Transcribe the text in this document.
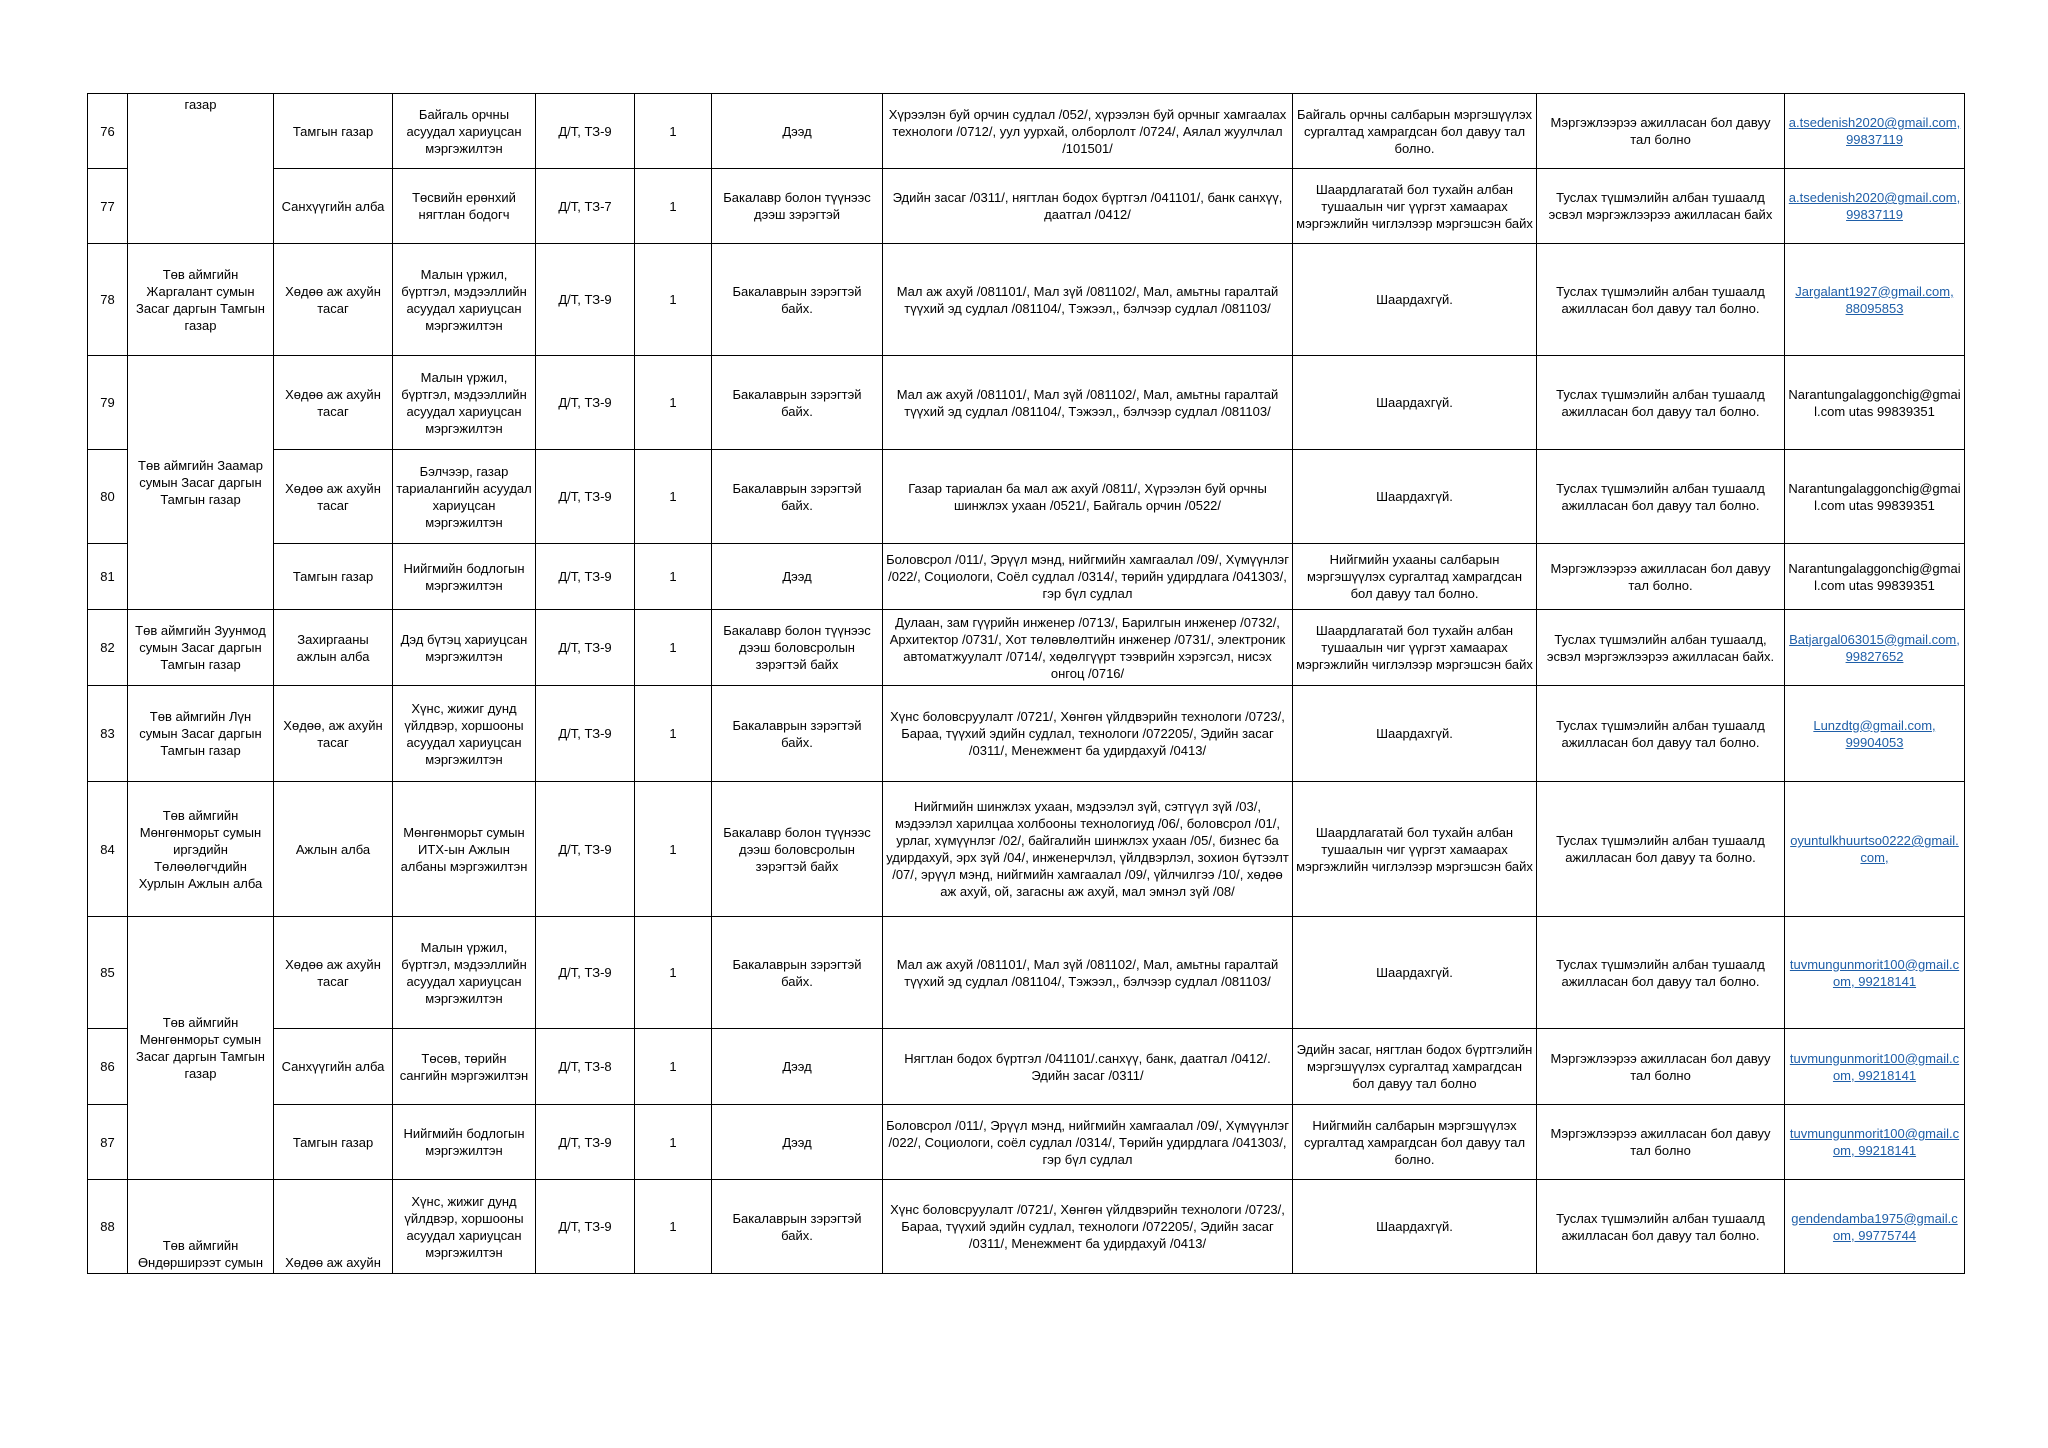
76	газар	Тамгын газар	Байгаль орчны асуудал хариуцсан мэргэжилтэн	Д/Т, ТЗ-9	1	Дээд	Хүрээлэн буй орчин судлал /052/, хүрээлэн буй орчныг хамгаалах технологи /0712/, уул уурхай, олборлолт /0724/, Аялал жуулчлал /101501/	Байгаль орчны салбарын мэргэшүүлэх сургалтад хамрагдсан бол давуу тал болно.	Мэргэжлээрээ ажилласан бол давуу тал болно	a.tsedenish2020@gmail.com, 99837119
77		Санхүүгийн алба	Төсвийн ерөнхий нягтлан бодогч	Д/Т, ТЗ-7	1	Бакалавр болон түүнээс дээш зэрэгтэй	Эдийн засаг /0311/, нягтлан бодох бүртгэл /041101/, банк санхүү, даатгал /0412/	Шаардлагатай бол тухайн албан тушаалын чиг үүргэт хамаарах мэргэжлийн чиглэлээр мэргэшсэн байх	Туслах түшмэлийн албан тушаалд эсвэл мэргэжлээрээ ажилласан байх	a.tsedenish2020@gmail.com, 99837119
78	Төв аймгийн Жаргалант сумын Засаг даргын Тамгын газар	Хөдөө аж ахуйн тасаг	Малын үржил, бүртгэл, мэдээллийн асуудал хариуцсан мэргэжилтэн	Д/Т, ТЗ-9	1	Бакалаврын зэрэгтэй байх.	Мал аж ахуй /081101/, Мал зүй /081102/, Мал, амьтны гаралтай түүхий эд судлал /081104/, Тэжээл,, бэлчээр судлал /081103/	Шаардахгүй.	Туслах түшмэлийн албан тушаалд ажилласан бол давуу тал болно.	Jargalant1927@gmail.com, 88095853
79	Төв аймгийн Заамар сумын Засаг даргын Тамгын газар	Хөдөө аж ахуйн тасаг	Малын үржил, бүртгэл, мэдээллийн асуудал хариуцсан мэргэжилтэн	Д/Т, ТЗ-9	1	Бакалаврын зэрэгтэй байх.	Мал аж ахуй /081101/, Мал зүй /081102/, Мал, амьтны гаралтай түүхий эд судлал /081104/, Тэжээл,, бэлчээр судлал /081103/	Шаардахгүй.	Туслах түшмэлийн албан тушаалд ажилласан бол давуу тал болно.	Narantungalaggonchig@gmail.com utas 99839351
80		Хөдөө аж ахуйн тасаг	Бэлчээр, газар тариалангийн асуудал хариуцсан мэргэжилтэн	Д/Т, ТЗ-9	1	Бакалаврын зэрэгтэй байх.	Газар тариалан ба мал аж ахуй /0811/, Хүрээлэн буй орчны шинжлэх ухаан /0521/, Байгаль орчин /0522/	Шаардахгүй.	Туслах түшмэлийн албан тушаалд ажилласан бол давуу тал болно.	Narantungalaggonchig@gmail.com utas 99839351
81		Тамгын газар	Нийгмийн бодлогын мэргэжилтэн	Д/Т, ТЗ-9	1	Дээд	Боловсрол /011/, Эрүүл мэнд, нийгмийн хамгаалал /09/, Хүмүүнлэг /022/, Социологи, Соёл судлал /0314/, төрийн удирдлага /041303/, гэр бүл судлал	Нийгмийн ухааны салбарын мэргэшүүлэх сургалтад хамрагдсан бол давуу тал болно.	Мэргэжлээрээ ажилласан бол давуу тал болно.	Narantungalaggonchig@gmail.com utas 99839351
82	Төв аймгийн Зуунмод сумын Засаг даргын Тамгын газар	Захиргааны ажлын алба	Дэд бүтэц хариуцсан мэргэжилтэн	Д/Т, ТЗ-9	1	Бакалавр болон түүнээс дээш боловсролын зэрэгтэй байх	Дулаан, зам гүүрийн инженер /0713/, Барилгын инженер /0732/, Архитектор /0731/, Хот төлөвлөлтийн инженер /0731/, электроник автоматжуулалт /0714/, хөдөлгүүрт тээврийн хэрэгсэл, нисэх онгоц /0716/	Шаардлагатай бол тухайн албан тушаалын чиг үүргэт хамаарах мэргэжлийн чиглэлээр мэргэшсэн байх	Туслах түшмэлийн албан тушаалд, эсвэл мэргэжлээрээ ажилласан байх.	Batjargal063015@gmail.com, 99827652
83	Төв аймгийн Лүн сумын Засаг даргын Тамгын газар	Хөдөө, аж ахуйн тасаг	Хүнс, жижиг дунд үйлдвэр, хоршооны асуудал хариуцсан мэргэжилтэн	Д/Т, ТЗ-9	1	Бакалаврын зэрэгтэй байх.	Хүнс боловсруулалт /0721/, Хөнгөн үйлдвэрийн технологи /0723/, Бараа, түүхий эдийн судлал, технологи /072205/, Эдийн засаг /0311/, Менежмент ба удирдахуй /0413/	Шаардахгүй.	Туслах түшмэлийн албан тушаалд ажилласан бол давуу тал болно.	Lunzdtg@gmail.com, 99904053
84	Төв аймгийн Мөнгөнморьт сумын иргэдийн Төлөөлөгчдийн Хурлын Ажлын алба	Ажлын алба	Мөнгөнморьт сумын ИТХ-ын Ажлын албаны мэргэжилтэн	Д/Т, ТЗ-9	1	Бакалавр болон түүнээс дээш боловсролын зэрэгтэй байх	Нийгмийн шинжлэх ухаан, мэдээлэл зүй, сэтгүүл зүй /03/, мэдээлэл харилцаа холбооны технологиуд /06/, боловсрол /01/, урлаг, хүмүүнлэг /02/, байгалийн шинжлэх ухаан /05/, бизнес ба удирдахуй, эрх зүй /04/, инженерчлэл, үйлдвэрлэл, зохион бүтээлт /07/, эрүүл мэнд, нийгмийн хамгаалал /09/, үйлчилгээ /10/, хөдөө аж ахуй, ой, загасны аж ахуй, мал эмнэл зүй /08/	Шаардлагатай бол тухайн албан тушаалын чиг үүргэт хамаарах мэргэжлийн чиглэлээр мэргэшсэн байх	Туслах түшмэлийн албан тушаалд ажилласан бол давуу та болно.	oyuntulkhuurtso0222@gmail.com,
85	Төв аймгийн Мөнгөнморьт сумын Засаг даргын Тамгын газар	Хөдөө аж ахуйн тасаг	Малын үржил, бүртгэл, мэдээллийн асуудал хариуцсан мэргэжилтэн	Д/Т, ТЗ-9	1	Бакалаврын зэрэгтэй байх.	Мал аж ахуй /081101/, Мал зүй /081102/, Мал, амьтны гаралтай түүхий эд судлал /081104/, Тэжээл,, бэлчээр судлал /081103/	Шаардахгүй.	Туслах түшмэлийн албан тушаалд ажилласан бол давуу тал болно.	tuvmungunmorit100@gmail.com, 99218141
86		Санхүүгийн алба	Төсөв, төрийн сангийн мэргэжилтэн	Д/Т, ТЗ-8	1	Дээд	Нягтлан бодох бүртгэл /041101/.санхүү, банк, даатгал /0412/. Эдийн засаг /0311/	Эдийн засаг, нягтлан бодох бүртгэлийн мэргэшүүлэх сургалтад хамрагдсан бол давуу тал болно	Мэргэжлээрээ ажилласан бол давуу тал болно	tuvmungunmorit100@gmail.com, 99218141
87		Тамгын газар	Нийгмийн бодлогын мэргэжилтэн	Д/Т, ТЗ-9	1	Дээд	Боловсрол /011/, Эрүүл мэнд, нийгмийн хамгаалал /09/, Хүмүүнлэг /022/, Социологи, соёл судлал /0314/, Төрийн удирдлага /041303/, гэр бүл судлал	Нийгмийн салбарын мэргэшүүлэх сургалтад хамрагдсан бол давуу тал болно.	Мэргэжлээрээ ажилласан бол давуу тал болно	tuvmungunmorit100@gmail.com, 99218141
88	Төв аймгийн Өндөрширээт сумын	Хөдөө аж ахуйн	Хүнс, жижиг дунд үйлдвэр, хоршооны асуудал хариуцсан мэргэжилтэн	Д/Т, ТЗ-9	1	Бакалаврын зэрэгтэй байх.	Хүнс боловсруулалт /0721/, Хөнгөн үйлдвэрийн технологи /0723/, Бараа, түүхий эдийн судлал, технологи /072205/, Эдийн засаг /0311/, Менежмент ба удирдахуй /0413/	Шаардахгүй.	Туслах түшмэлийн албан тушаалд ажилласан бол давуу тал болно.	gendendamba1975@gmail.com, 99775744
